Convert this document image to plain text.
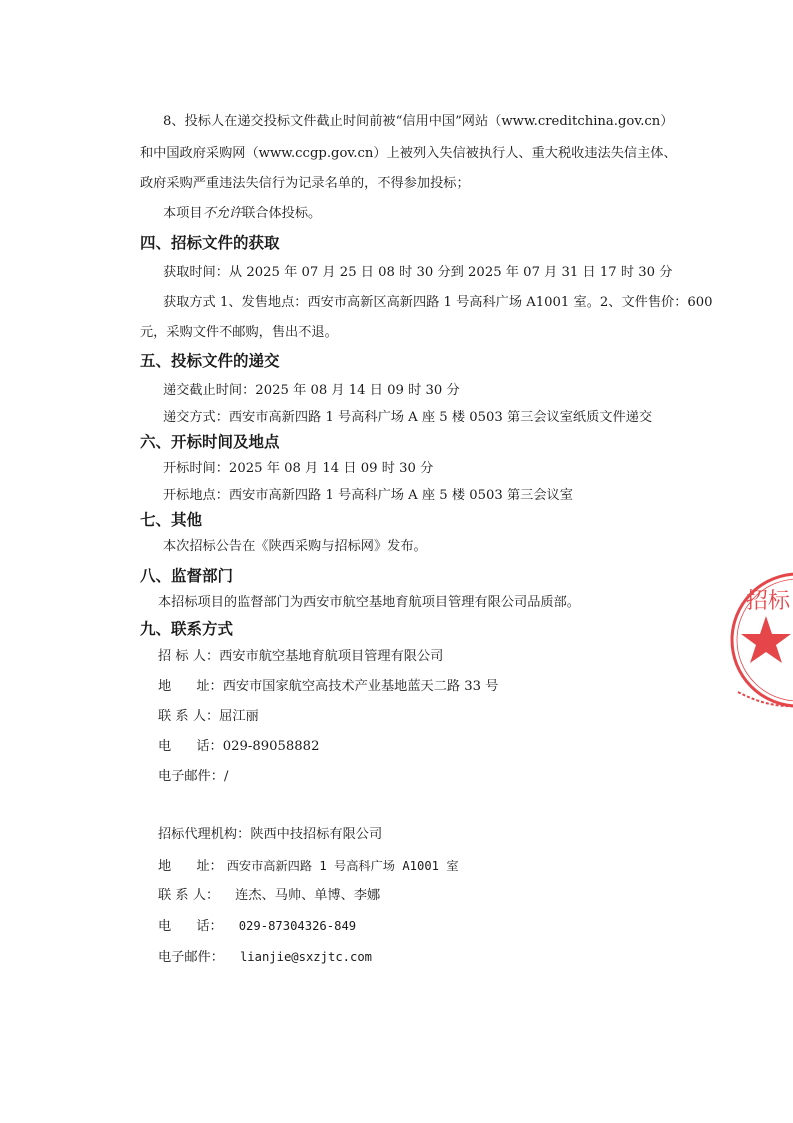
8、投标人在递交投标文件截止时间前被“信用中国”网站（www.creditchina.gov.cn）
和中国政府采购网（www.ccgp.gov.cn）上被列入失信被执行人、重大税收违法失信主体、
政府采购严重违法失信行为记录名单的，不得参加投标；
本项目不允许联合体投标。
四、招标文件的获取
获取时间：从 2025 年 07 月 25 日 08 时 30 分到 2025 年 07 月 31 日 17 时 30 分
获取方式 1、发售地点：西安市高新区高新四路 1 号高科广场 A1001 室。2、文件售价：600
元，采购文件不邮购，售出不退。
五、投标文件的递交
递交截止时间：2025 年 08 月 14 日 09 时 30 分
递交方式：西安市高新四路 1 号高科广场 A 座 5 楼 0503 第三会议室纸质文件递交
六、开标时间及地点
开标时间：2025 年 08 月 14 日 09 时 30 分
开标地点：西安市高新四路 1 号高科广场 A 座 5 楼 0503 第三会议室
七、其他
本次招标公告在《陕西采购与招标网》发布。
八、监督部门
本招标项目的监督部门为西安市航空基地育航项目管理有限公司品质部。
九、联系方式
招 标 人：西安市航空基地育航项目管理有限公司
地      址：西安市国家航空高技术产业基地蓝天二路 33 号
联 系 人：屈江丽
电      话：029-89058882
电子邮件：/
招标代理机构：陕西中技招标有限公司
地      址： 西安市高新四路 1 号高科广场 A1001 室
联 系 人： 连杰、马帅、单博、李娜
电      话： 029-87304326-849
电子邮件： lianjie@sxzjtc.com
招标
